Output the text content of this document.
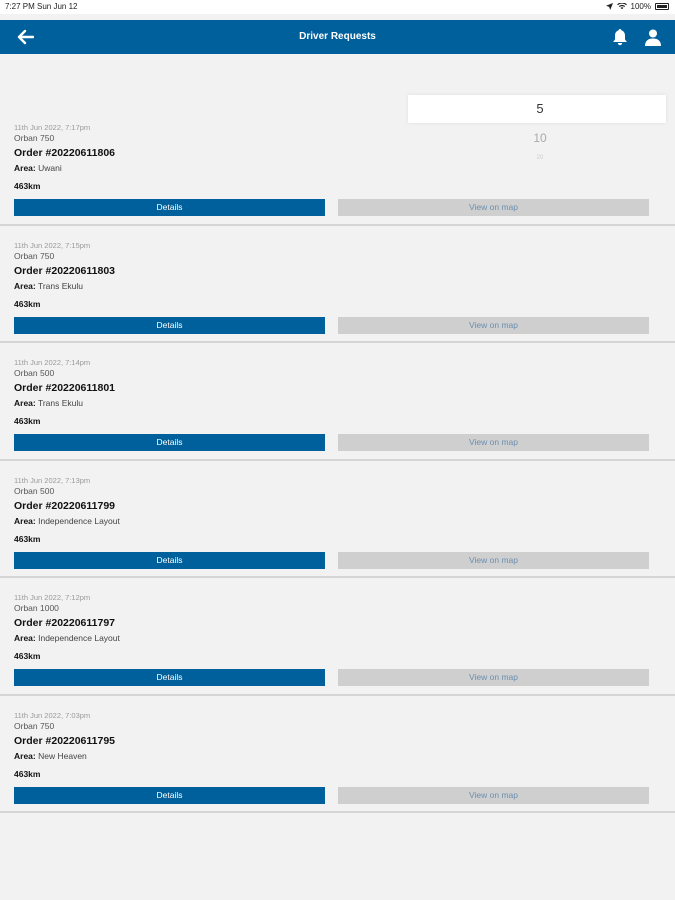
7:27 PM Sun Jun 12	100%
Driver Requests
5
10
20
11th Jun 2022, 7:17pm
Orban 750
Order #20220611806
Area: Uwani
463km
Details	View on map
11th Jun 2022, 7:15pm
Orban 750
Order #20220611803
Area: Trans Ekulu
463km
Details	View on map
11th Jun 2022, 7:14pm
Orban 500
Order #20220611801
Area: Trans Ekulu
463km
Details	View on map
11th Jun 2022, 7:13pm
Orban 500
Order #20220611799
Area: Independence Layout
463km
Details	View on map
11th Jun 2022, 7:12pm
Orban 1000
Order #20220611797
Area: Independence Layout
463km
Details	View on map
11th Jun 2022, 7:03pm
Orban 750
Order #20220611795
Area: New Heaven
463km
Details	View on map
